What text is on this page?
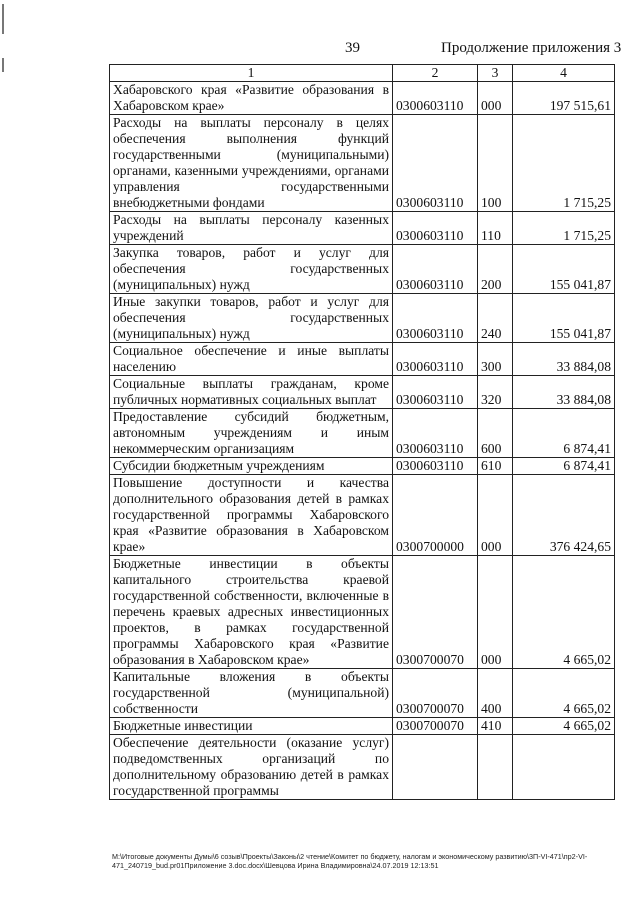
39	Продолжение приложения 3
1	2	3	4
Хабаровского края «Развитие образования в Хабаровском крае»	0300603110	000	197 515,61
Расходы на выплаты персоналу в целях обеспечения выполнения функций государственными (муниципальными) органами, казенными учреждениями, органами управления государственными внебюджетными фондами	0300603110	100	1 715,25
Расходы на выплаты персоналу казенных учреждений	0300603110	110	1 715,25
Закупка товаров, работ и услуг для обеспечения государственных (муниципальных) нужд	0300603110	200	155 041,87
Иные закупки товаров, работ и услуг для обеспечения государственных (муниципальных) нужд	0300603110	240	155 041,87
Социальное обеспечение и иные выплаты населению	0300603110	300	33 884,08
Социальные выплаты гражданам, кроме публичных нормативных социальных выплат	0300603110	320	33 884,08
Предоставление субсидий бюджетным, автономным учреждениям и иным некоммерческим организациям	0300603110	600	6 874,41
Субсидии бюджетным учреждениям	0300603110	610	6 874,41
Повышение доступности и качества дополнительного образования детей в рамках государственной программы Хабаровского края «Развитие образования в Хабаровском крае»	0300700000	000	376 424,65
Бюджетные инвестиции в объекты капитального строительства краевой государственной собственности, включенные в перечень краевых адресных инвестиционных проектов, в рамках государственной программы Хабаровского края «Развитие образования в Хабаровском крае»	0300700070	000	4 665,02
Капитальные вложения в объекты государственной (муниципальной) собственности	0300700070	400	4 665,02
Бюджетные инвестиции	0300700070	410	4 665,02
Обеспечение деятельности (оказание услуг) подведомственных организаций по дополнительному образованию детей в рамках государственной программы			
M:\Итоговые документы Думы\6 созыв\Проекты\Законы\2 чтение\Комитет по бюджету, налогам и экономическому развитию\3П-VI-471\пр2-VI-471_240719_bud.pr01Приложение 3.doc.docx\Шевцова Ирина Владимировна\24.07.2019 12:13:51
